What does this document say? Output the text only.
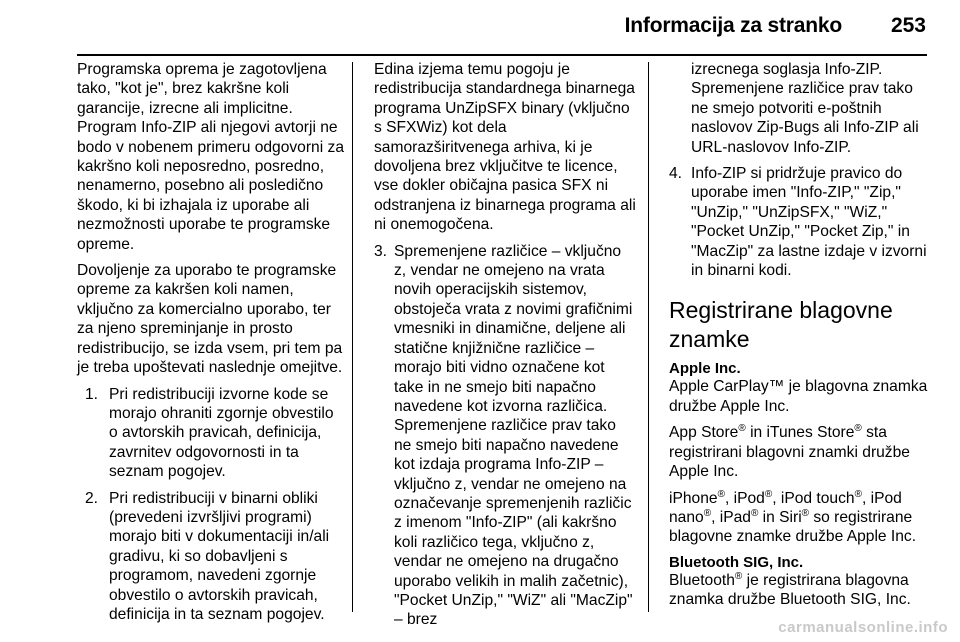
Informacija za stranko 253

Programska oprema je zagotovljena tako, "kot je", brez kakršne koli garancije, izrecne ali implicitne. Program Info-ZIP ali njegovi avtorji ne bodo v nobenem primeru odgovorni za kakršno koli neposredno, posredno, nenamerno, posebno ali posledično škodo, ki bi izhajala iz uporabe ali nezmožnosti uporabe te programske opreme.

Dovoljenje za uporabo te programske opreme za kakršen koli namen, vključno za komercialno uporabo, ter za njeno spreminjanje in prosto redistribucijo, se izda vsem, pri tem pa je treba upoštevati naslednje omejitve.

1. Pri redistribuciji izvorne kode se morajo ohraniti zgornje obvestilo o avtorskih pravicah, definicija, zavrnitev odgovornosti in ta seznam pogojev.
2. Pri redistribuciji v binarni obliki (prevedeni izvršljivi programi) morajo biti v dokumentaciji in/ali gradivu, ki so dobavljeni s programom, navedeni zgornje obvestilo o avtorskih pravicah, definicija in ta seznam pogojev.

Edina izjema temu pogoju je redistribucija standardnega binarnega programa UnZipSFX binary (vključno s SFXWiz) kot dela samorazširitvenega arhiva, ki je dovoljena brez vključitve te licence, vse dokler običajna pasica SFX ni odstranjena iz binarnega programa ali ni onemogočena.

3. Spremenjene različice – vključno z, vendar ne omejeno na vrata novih operacijskih sistemov, obstoječa vrata z novimi grafičnimi vmesniki in dinamične, deljene ali statične knjižnične različice – morajo biti vidno označene kot take in ne smejo biti napačno navedene kot izvorna različica. Spremenjene različice prav tako ne smejo biti napačno navedene kot izdaja programa Info-ZIP – vključno z, vendar ne omejeno na označevanje spremenjenih različic z imenom "Info-ZIP" (ali kakršno koli različico tega, vključno z, vendar ne omejeno na drugačno uporabo velikih in malih začetnic), "Pocket UnZip," "WiZ" ali "MacZip" – brez

izrecnega soglasja Info-ZIP. Spremenjene različice prav tako ne smejo potvoriti e-poštnih naslovov Zip-Bugs ali Info-ZIP ali URL-naslovov Info-ZIP.

4. Info-ZIP si pridržuje pravico do uporabe imen "Info-ZIP," "Zip," "UnZip," "UnZipSFX," "WiZ," "Pocket UnZip," "Pocket Zip," in "MacZip" za lastne izdaje v izvorni in binarni kodi.
Registrirane blagovne znamke
Apple Inc.

Apple CarPlay™ je blagovna znamka družbe Apple Inc.

App Store® in iTunes Store® sta registrirani blagovni znamki družbe Apple Inc.

iPhone®, iPod®, iPod touch®, iPod nano®, iPad® in Siri® so registrirane blagovne znamke družbe Apple Inc.

Bluetooth SIG, Inc.

Bluetooth® je registrirana blagovna znamka družbe Bluetooth SIG, Inc.

carmanualsonline.info
